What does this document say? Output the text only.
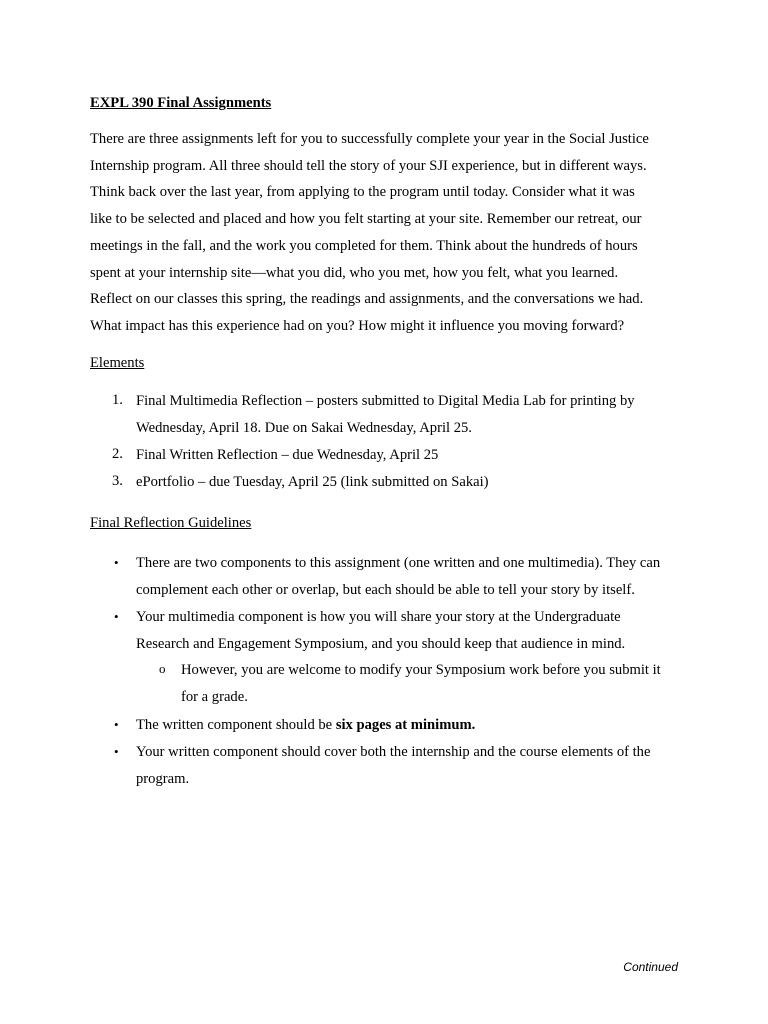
EXPL 390 Final Assignments
There are three assignments left for you to successfully complete your year in the Social Justice
Internship program. All three should tell the story of your SJI experience, but in different ways.
Think back over the last year, from applying to the program until today. Consider what it was
like to be selected and placed and how you felt starting at your site. Remember our retreat, our
meetings in the fall, and the work you completed for them. Think about the hundreds of hours
spent at your internship site—what you did, who you met, how you felt, what you learned.
Reflect on our classes this spring, the readings and assignments, and the conversations we had.
What impact has this experience had on you? How might it influence you moving forward?
Elements
1. Final Multimedia Reflection – posters submitted to Digital Media Lab for printing by
Wednesday, April 18. Due on Sakai Wednesday, April 25.
2. Final Written Reflection – due Wednesday, April 25
3. ePortfolio – due Tuesday, April 25 (link submitted on Sakai)
Final Reflection Guidelines
• There are two components to this assignment (one written and one multimedia). They can
complement each other or overlap, but each should be able to tell your story by itself.
• Your multimedia component is how you will share your story at the Undergraduate
Research and Engagement Symposium, and you should keep that audience in mind.
o However, you are welcome to modify your Symposium work before you submit it
for a grade.
• The written component should be six pages at minimum.
• Your written component should cover both the internship and the course elements of the
program.
Continued
